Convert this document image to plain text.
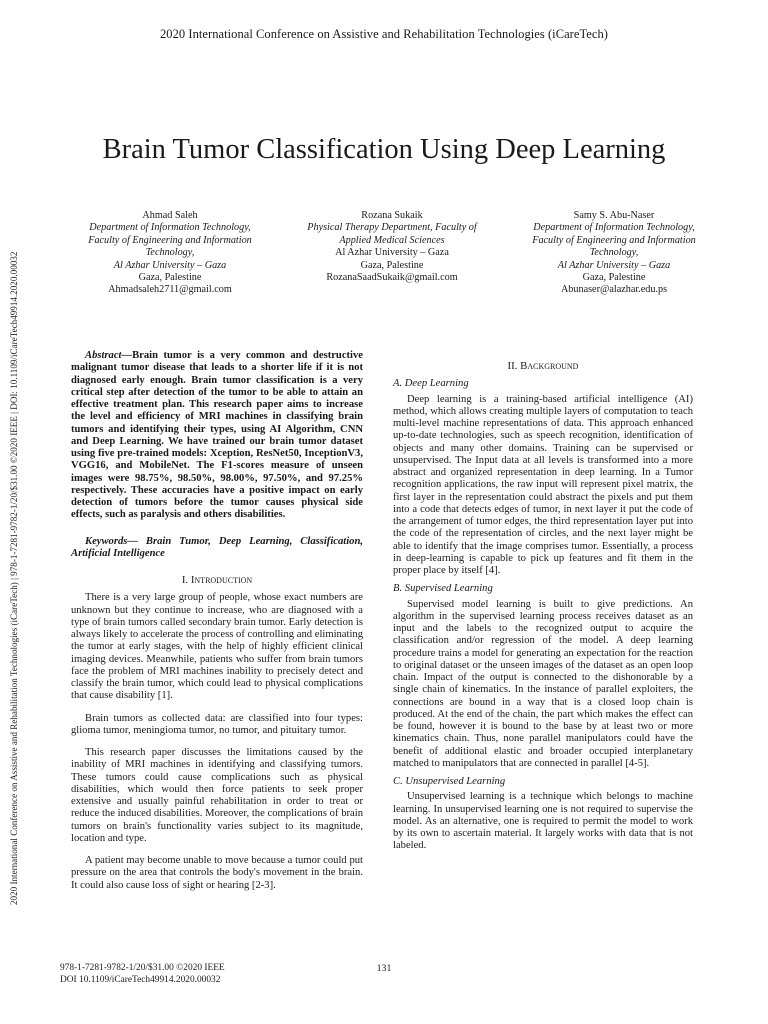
2020 International Conference on Assistive and Rehabilitation Technologies (iCareTech)
2020 International Conference on Assistive and Rehabilitation Technologies (iCareTech) | 978-1-7281-9782-1/20/$31.00 ©2020 IEEE | DOI: 10.1109/iCareTech49914.2020.00032
Brain Tumor Classification Using Deep Learning
Ahmad Saleh
Department of Information Technology,
Faculty of Engineering and Information
Technology,
Al Azhar University – Gaza
Gaza, Palestine
Ahmadsaleh2711@gmail.com
Rozana Sukaik
Physical Therapy Department, Faculty of
Applied Medical Sciences
Al Azhar University – Gaza
Gaza, Palestine
RozanaSaadSukaik@gmail.com
Samy S. Abu-Naser
Department of Information Technology,
Faculty of Engineering and Information
Technology,
Al Azhar University – Gaza
Gaza, Palestine
Abunaser@alazhar.edu.ps

Abstract—Brain tumor is a very common and destructive malignant tumor disease that leads to a shorter life if it is not diagnosed early enough. Brain tumor classification is a very critical step after detection of the tumor to be able to attain an effective treatment plan. This research paper aims to increase the level and efficiency of MRI machines in classifying brain tumors and identifying their types, using AI Algorithm, CNN and Deep Learning. We have trained our brain tumor dataset using five pre-trained models: Xception, ResNet50, InceptionV3, VGG16, and MobileNet. The F1-scores measure of unseen images were 98.75%, 98.50%, 98.00%, 97.50%, and 97.25% respectively. These accuracies have a positive impact on early detection of tumors before the tumor causes physical side effects, such as paralysis and others disabilities.

Keywords— Brain Tumor, Deep Learning, Classification, Artificial Intelligence

I. Introduction

There is a very large group of people, whose exact numbers are unknown but they continue to increase, who are diagnosed with a type of brain tumors called secondary brain tumor. Early detection is always likely to accelerate the process of controlling and eliminating the tumor at early stages, with the help of highly efficient clinical imaging devices. Meanwhile, patients who suffer from brain tumors face the problem of MRI machines inability to precisely detect and classify the brain tumor, which could lead to physical complications that cause disability [1].

Brain tumors as collected data: are classified into four types: glioma tumor, meningioma tumor, no tumor, and pituitary tumor.

This research paper discusses the limitations caused by the inability of MRI machines in identifying and classifying tumors. These tumors could cause complications such as physical disabilities, which would then force patients to seek proper extensive and usually painful rehabilitation in order to treat or reduce the induced disabilities. Moreover, the complications of brain tumors on brain's functionality varies subject to its magnitude, location and type.

A patient may become unable to move because a tumor could put pressure on the area that controls the body's movement in the brain. It could also cause loss of sight or hearing [2-3].

II. Background
A. Deep Learning

Deep learning is a training-based artificial intelligence (AI) method, which allows creating multiple layers of computation to teach multi-level machine representations of data. This approach enhanced up-to-date technologies, such as speech recognition, identification of objects and many other domains. Training can be supervised or unsupervised. The Input data at all levels is transformed into a more abstract and organized representation in deep learning. In a Tumor recognition applications, the raw input will represent pixel matrix, the first layer in the representation could abstract the pixels and put them into a code that detects edges of tumor, in next layer it put the code of the arrangement of tumor edges, the third representation layer put into the code of the representation of circles, and the next layer might be able to identify that the image comprises tumor. Essentially, a process in deep-learning is capable to pick up features and fit them in the proper place by itself [4].

B. Supervised Learning

Supervised model learning is built to give predictions. An algorithm in the supervised learning process receives dataset as an input and the labels to the recognized output to acquire the classification and/or regression of the model. A deep learning procedure trains a model for generating an expectation for the reaction to original dataset or the unseen images of the dataset as an open loop chain. Impact of the output is connected to the dishonorable by a single chain of kinematics. In the instance of parallel exploiters, the connections are bound in a way that is a closed loop chain is produced. At the end of the chain, the part which makes the effect can be found, however it is bound to the base by at least two or more kinematics chain. Thus, none parallel manipulators could have the benefit of additional elastic and broader occupied interplanetary matched to manipulators that are connected in parallel [4-5].

C. Unsupervised Learning

Unsupervised learning is a technique which belongs to machine learning. In unsupervised learning one is not required to supervise the model. As an alternative, one is required to permit the model to work by its own to ascertain material. It largely works with data that is not labeled.

978-1-7281-9782-1/20/$31.00 ©2020 IEEE
DOI 10.1109/iCareTech49914.2020.00032
131
